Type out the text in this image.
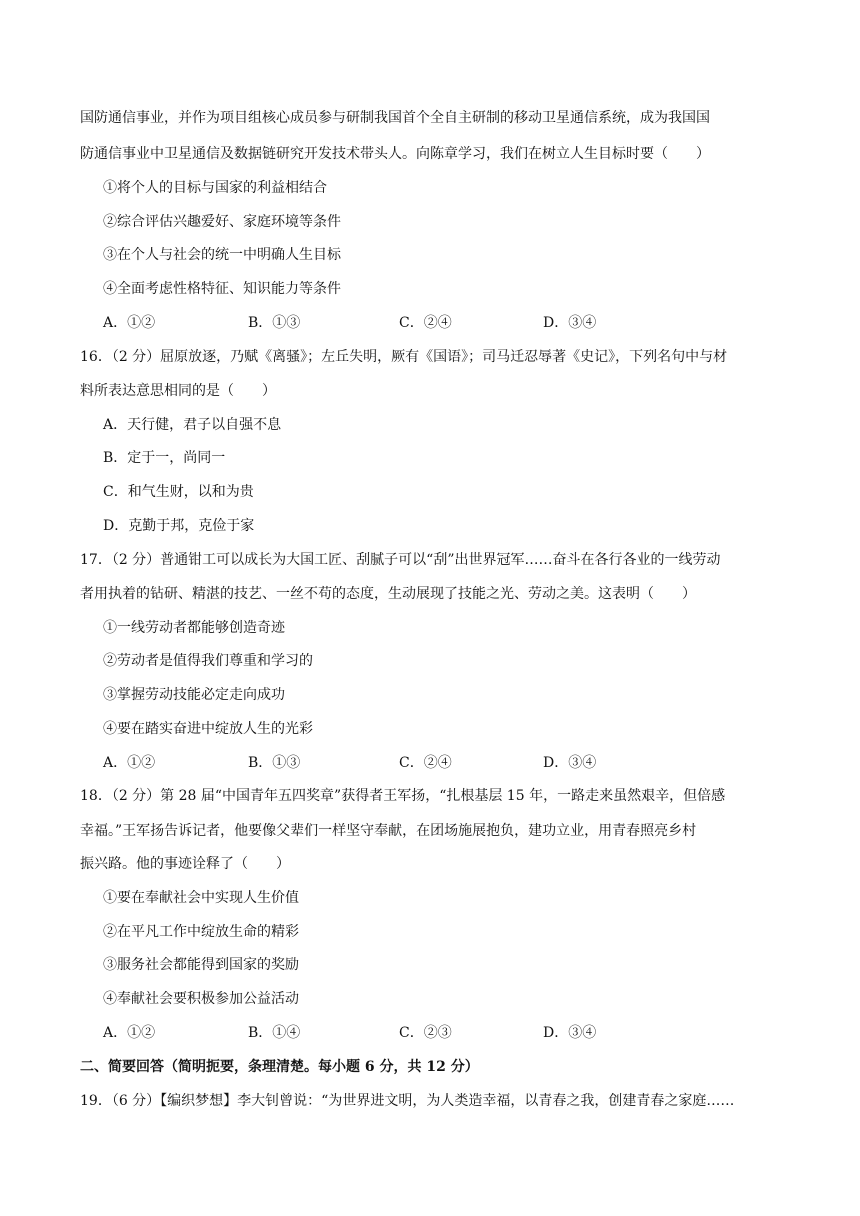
国防通信事业，并作为项目组核心成员参与研制我国首个全自主研制的移动卫星通信系统，成为我国国
防通信事业中卫星通信及数据链研究开发技术带头人。向陈章学习，我们在树立人生目标时要（　　）
①将个人的目标与国家的利益相结合
②综合评估兴趣爱好、家庭环境等条件
③在个人与社会的统一中明确人生目标
④全面考虑性格特征、知识能力等条件
A．①②	B．①③	C．②④	D．③④
16．（2 分）屈原放逐，乃赋《离骚》；左丘失明，厥有《国语》；司马迁忍辱著《史记》，下列名句中与材
料所表达意思相同的是（　　）
A．天行健，君子以自强不息
B．定于一，尚同一
C．和气生财，以和为贵
D．克勤于邦，克俭于家
17．（2 分）普通钳工可以成长为大国工匠、刮腻子可以“刮”出世界冠军……奋斗在各行各业的一线劳动
者用执着的钻研、精湛的技艺、一丝不苟的态度，生动展现了技能之光、劳动之美。这表明（　　）
①一线劳动者都能够创造奇迹
②劳动者是值得我们尊重和学习的
③掌握劳动技能必定走向成功
④要在踏实奋进中绽放人生的光彩
A．①②	B．①③	C．②④	D．③④
18．（2 分）第 28 届“中国青年五四奖章”获得者王军扬，“扎根基层 15 年，一路走来虽然艰辛，但倍感
幸福。”王军扬告诉记者，他要像父辈们一样坚守奉献，在团场施展抱负，建功立业，用青春照亮乡村
振兴路。他的事迹诠释了（　　）
①要在奉献社会中实现人生价值
②在平凡工作中绽放生命的精彩
③服务社会都能得到国家的奖励
④奉献社会要积极参加公益活动
A．①②	B．①④	C．②③	D．③④
二、简要回答（简明扼要，条理清楚。每小题 6 分，共 12 分）
19．（6 分）【编织梦想】李大钊曾说：“为世界进文明，为人类造幸福，以青春之我，创建青春之家庭……
